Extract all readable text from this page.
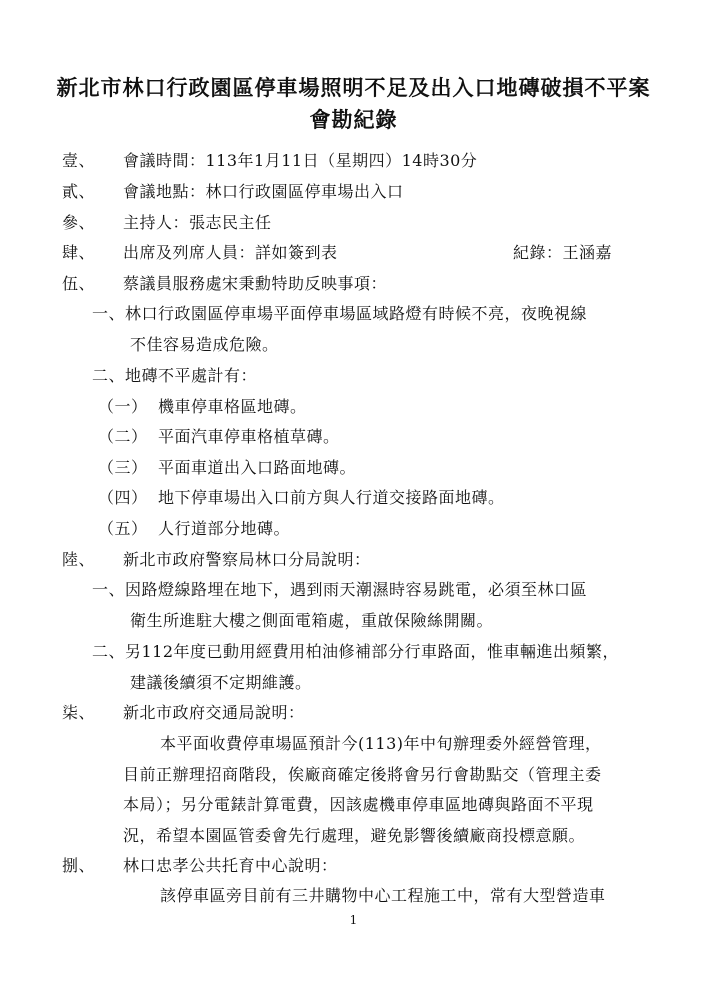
新北市林口行政園區停車場照明不足及出入口地磚破損不平案
會勘紀錄
壹、 會議時間：113年1月11日（星期四）14時30分
貳、 會議地點：林口行政園區停車場出入口
參、 主持人：張志民主任
肆、 出席及列席人員：詳如簽到表	紀錄：王涵嘉
伍、 蔡議員服務處宋秉勳特助反映事項：
一、林口行政園區停車場平面停車場區域路燈有時候不亮，夜晚視線
不佳容易造成危險。
二、地磚不平處計有：
（一） 機車停車格區地磚。
（二） 平面汽車停車格植草磚。
（三） 平面車道出入口路面地磚。
（四） 地下停車場出入口前方與人行道交接路面地磚。
（五） 人行道部分地磚。
陸、 新北市政府警察局林口分局說明：
一、因路燈線路埋在地下，遇到雨天潮濕時容易跳電，必須至林口區
衛生所進駐大樓之側面電箱處，重啟保險絲開關。
二、另112年度已動用經費用柏油修補部分行車路面，惟車輛進出頻繁，
建議後續須不定期維護。
柒、 新北市政府交通局說明：
本平面收費停車場區預計今(113)年中旬辦理委外經營管理，
目前正辦理招商階段，俟廠商確定後將會另行會勘點交（管理主委
本局）；另分電錶計算電費，因該處機車停車區地磚與路面不平現
況，希望本園區管委會先行處理，避免影響後續廠商投標意願。
捌、 林口忠孝公共托育中心說明：
該停車區旁目前有三井購物中心工程施工中，常有大型營造車
1
